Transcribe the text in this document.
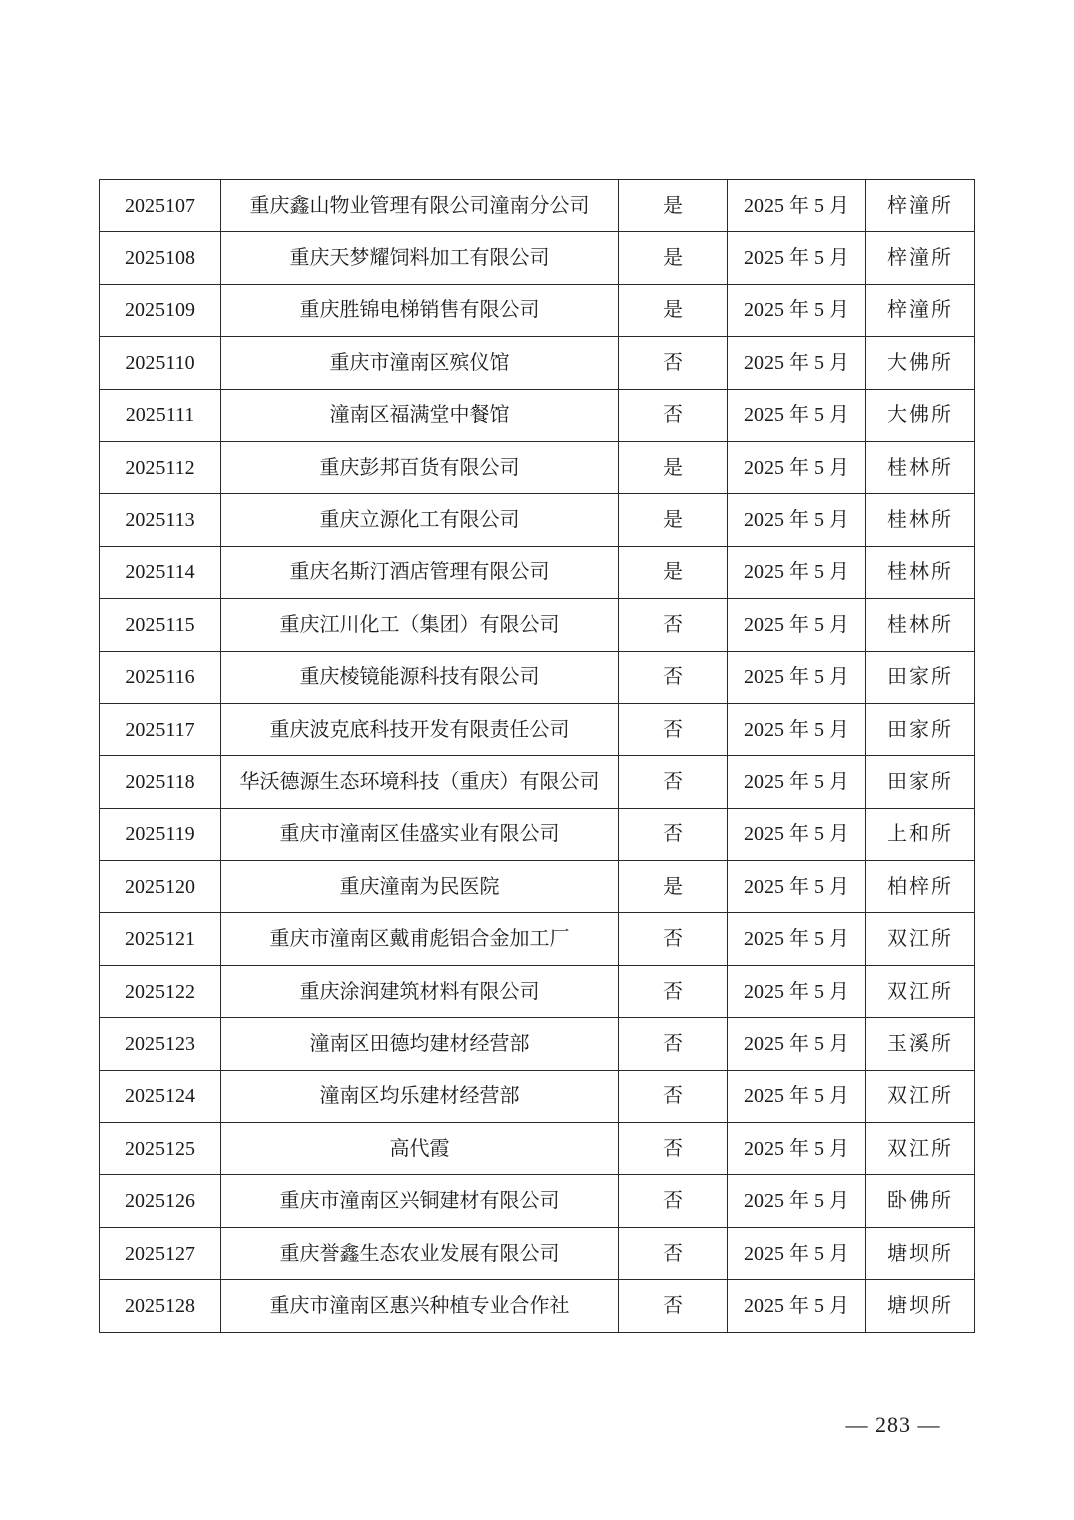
2025107	重庆鑫山物业管理有限公司潼南分公司	是	2025 年 5 月	梓潼所
2025108	重庆天梦耀饲料加工有限公司	是	2025 年 5 月	梓潼所
2025109	重庆胜锦电梯销售有限公司	是	2025 年 5 月	梓潼所
2025110	重庆市潼南区殡仪馆	否	2025 年 5 月	大佛所
2025111	潼南区福满堂中餐馆	否	2025 年 5 月	大佛所
2025112	重庆彭邦百货有限公司	是	2025 年 5 月	桂林所
2025113	重庆立源化工有限公司	是	2025 年 5 月	桂林所
2025114	重庆名斯汀酒店管理有限公司	是	2025 年 5 月	桂林所
2025115	重庆江川化工（集团）有限公司	否	2025 年 5 月	桂林所
2025116	重庆棱镜能源科技有限公司	否	2025 年 5 月	田家所
2025117	重庆波克底科技开发有限责任公司	否	2025 年 5 月	田家所
2025118	华沃德源生态环境科技（重庆）有限公司	否	2025 年 5 月	田家所
2025119	重庆市潼南区佳盛实业有限公司	否	2025 年 5 月	上和所
2025120	重庆潼南为民医院	是	2025 年 5 月	柏梓所
2025121	重庆市潼南区戴甫彪铝合金加工厂	否	2025 年 5 月	双江所
2025122	重庆涂润建筑材料有限公司	否	2025 年 5 月	双江所
2025123	潼南区田德均建材经营部	否	2025 年 5 月	玉溪所
2025124	潼南区均乐建材经营部	否	2025 年 5 月	双江所
2025125	高代霞	否	2025 年 5 月	双江所
2025126	重庆市潼南区兴铜建材有限公司	否	2025 年 5 月	卧佛所
2025127	重庆誉鑫生态农业发展有限公司	否	2025 年 5 月	塘坝所
2025128	重庆市潼南区惠兴种植专业合作社	否	2025 年 5 月	塘坝所
— 283 —
